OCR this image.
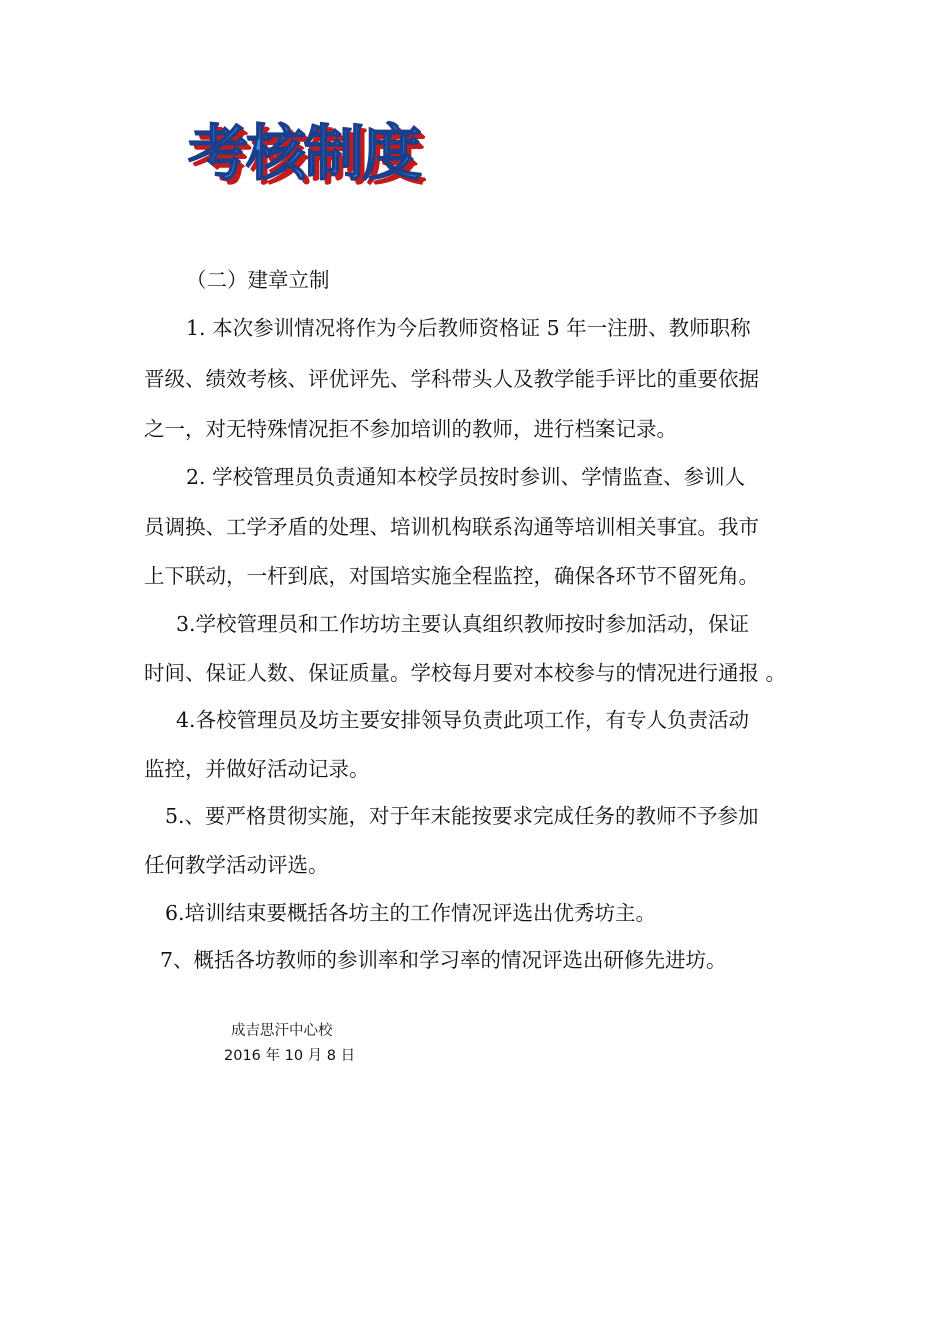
考核制度
（二）建章立制
1. 本次参训情况将作为今后教师资格证 5 年一注册、教师职称
晋级、绩效考核、评优评先、学科带头人及教学能手评比的重要依据
之一，对无特殊情况拒不参加培训的教师，进行档案记录。
2. 学校管理员负责通知本校学员按时参训、学情监查、参训人
员调换、工学矛盾的处理、培训机构联系沟通等培训相关事宜。我市
上下联动，一杆到底，对国培实施全程监控，确保各环节不留死角。
3.学校管理员和工作坊坊主要认真组织教师按时参加活动，保证
时间、保证人数、保证质量。学校每月要对本校参与的情况进行通报 。
4.各校管理员及坊主要安排领导负责此项工作，有专人负责活动
监控，并做好活动记录。
5.、要严格贯彻实施，对于年末能按要求完成任务的教师不予参加
任何教学活动评选。
6.培训结束要概括各坊主的工作情况评选出优秀坊主。
7、概括各坊教师的参训率和学习率的情况评选出研修先进坊。
成吉思汗中心校
2016 年 10 月 8 日
